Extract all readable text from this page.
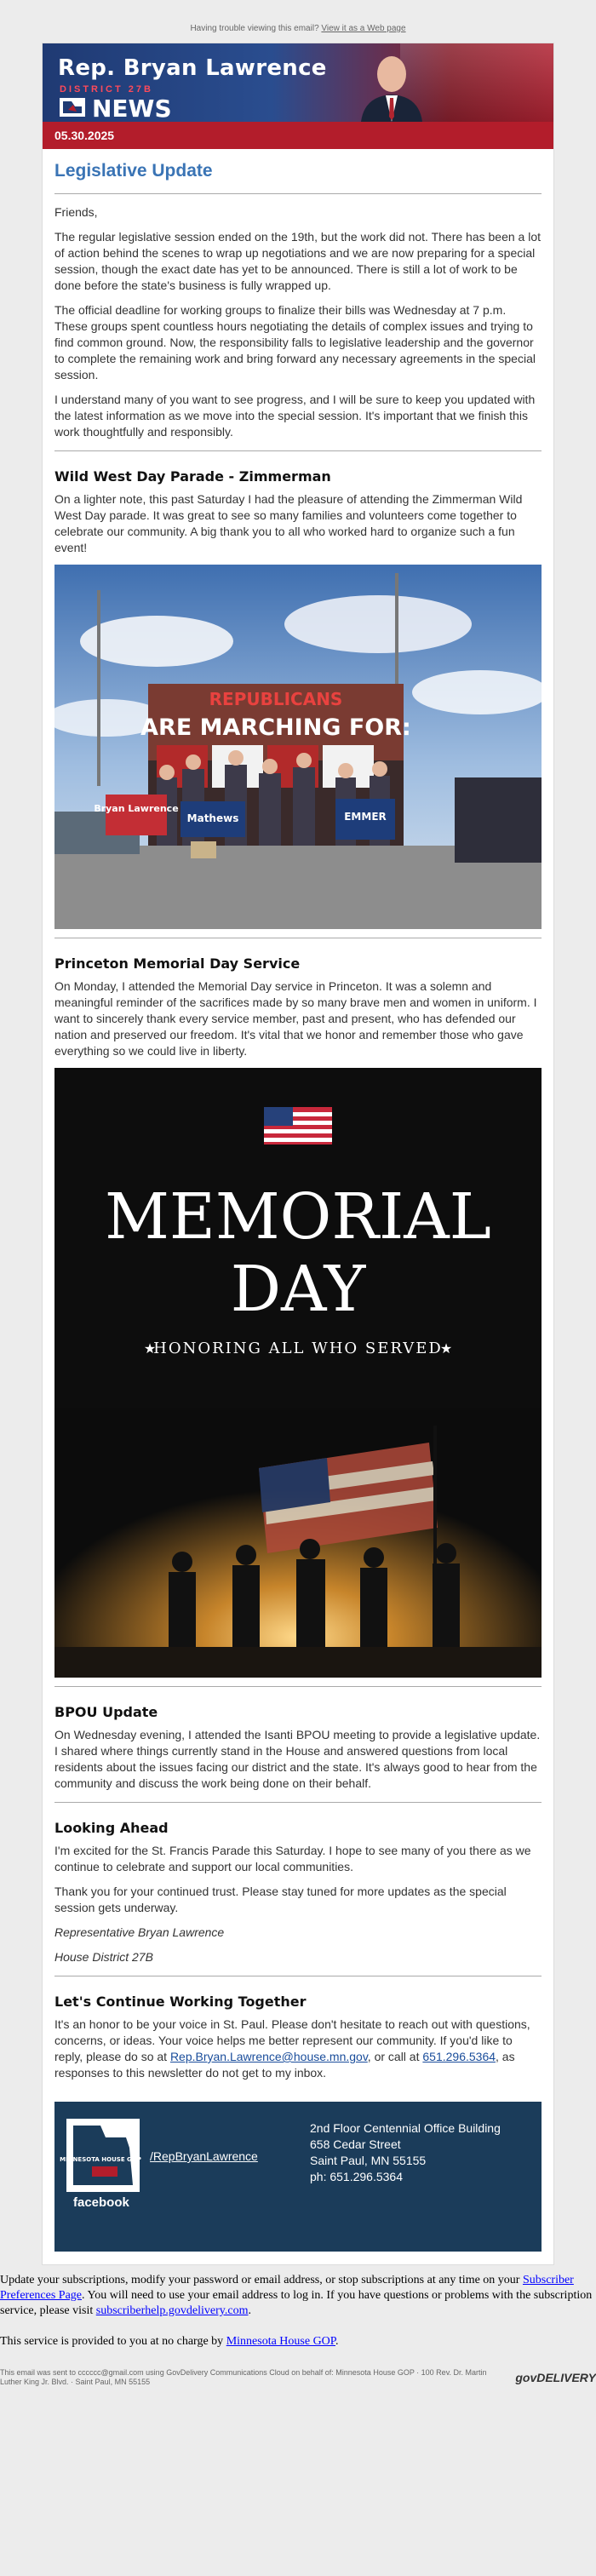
Having trouble viewing this email? View it as a Web page
Rep. Bryan Lawrence
DISTRICT 27B
NEWS
05.30.2025
Legislative Update

Friends,

The regular legislative session ended on the 19th, but the work did not. There has been a lot of action behind the scenes to wrap up negotiations and we are now preparing for a special session, though the exact date has yet to be announced. There is still a lot of work to be done before the state's business is fully wrapped up.

The official deadline for working groups to finalize their bills was Wednesday at 7 p.m. These groups spent countless hours negotiating the details of complex issues and trying to find common ground. Now, the responsibility falls to legislative leadership and the governor to complete the remaining work and bring forward any necessary agreements in the special session.

I understand many of you want to see progress, and I will be sure to keep you updated with the latest information as we move into the special session. It's important that we finish this work thoughtfully and responsibly.

Wild West Day Parade - Zimmerman

On a lighter note, this past Saturday I had the pleasure of attending the Zimmerman Wild West Day parade. It was great to see so many families and volunteers come together to celebrate our community. A big thank you to all who worked hard to organize such a fun event!

REPUBLICANS
ARE MARCHING FOR:
Bryan Lawrence
Mathews	EMMER
Princeton Memorial Day Service

On Monday, I attended the Memorial Day service in Princeton. It was a solemn and meaningful reminder of the sacrifices made by so many brave men and women in uniform. I want to sincerely thank every service member, past and present, who has defended our nation and preserved our freedom. It's vital that we honor and remember those who gave everything so we could live in liberty.

MEMORIAL
DAY
HONORING ALL WHO SERVED
★	★
BPOU Update

On Wednesday evening, I attended the Isanti BPOU meeting to provide a legislative update. I shared where things currently stand in the House and answered questions from local residents about the issues facing our district and the state. It's always good to hear from the community and discuss the work being done on their behalf.

Looking Ahead

I'm excited for the St. Francis Parade this Saturday. I hope to see many of you there as we continue to celebrate and support our local communities.

Thank you for your continued trust. Please stay tuned for more updates as the special session gets underway.

Representative Bryan Lawrence

House District 27B

Let's Continue Working Together

It's an honor to be your voice in St. Paul. Please don't hesitate to reach out with questions, concerns, or ideas. Your voice helps me better represent our community. If you'd like to reply, please do so at Rep.Bryan.Lawrence@house.mn.gov, or call at 651.296.5364, as responses to this newsletter do not get to my inbox.

MINNESOTA HOUSE GOP
facebook
/RepBryanLawrence
2nd Floor Centennial Office Building
658 Cedar Street
Saint Paul, MN 55155
ph: 651.296.5364

Update your subscriptions, modify your password or email address, or stop subscriptions at any time on your Subscriber Preferences Page. You will need to use your email address to log in. If you have questions or problems with the subscription service, please visit subscriberhelp.govdelivery.com.

This service is provided to you at no charge by Minnesota House GOP.

This email was sent to cccccc@gmail.com using GovDelivery Communications Cloud on behalf of: Minnesota House GOP · 100 Rev. Dr. Martin Luther King Jr. Blvd. · Saint Paul, MN 55155	govDELIVERY
